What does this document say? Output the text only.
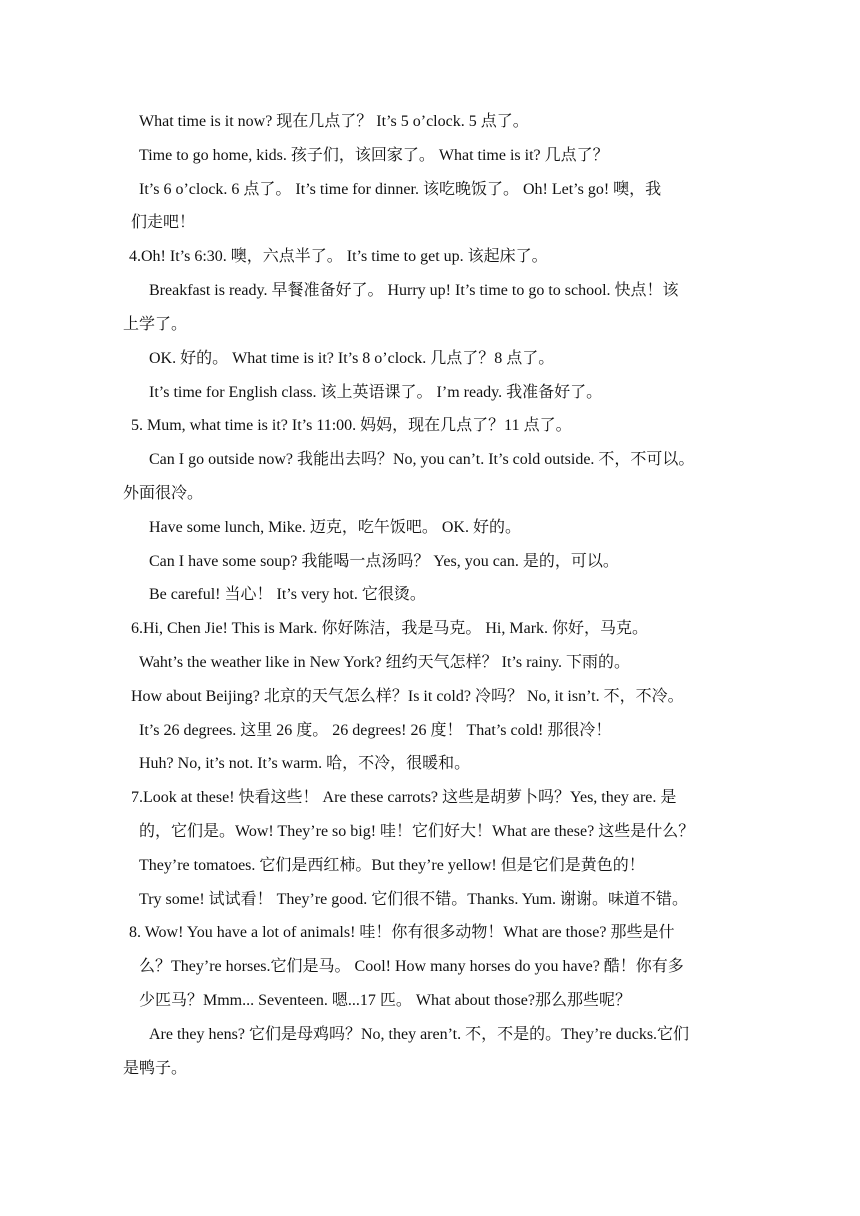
What time is it now? 现在几点了？ It’s 5 o’clock. 5 点了。
Time to go home, kids. 孩子们，该回家了。 What time is it? 几点了？
It’s 6 o’clock. 6 点了。 It’s time for dinner. 该吃晚饭了。 Oh! Let’s go! 噢，我
们走吧！
4.Oh! It’s 6:30. 噢，六点半了。 It’s time to get up. 该起床了。
Breakfast is ready. 早餐准备好了。 Hurry up! It’s time to go to school. 快点！该
上学了。
OK. 好的。 What time is it? It’s 8 o’clock. 几点了？8 点了。
It’s time for English class. 该上英语课了。 I’m ready. 我准备好了。
5. Mum, what time is it? It’s 11:00. 妈妈，现在几点了？11 点了。
Can I go outside now? 我能出去吗？No, you can’t. It’s cold outside. 不，不可以。
外面很冷。
Have some lunch, Mike. 迈克，吃午饭吧。 OK. 好的。
Can I have some soup? 我能喝一点汤吗？ Yes, you can. 是的，可以。
Be careful! 当心！ It’s very hot. 它很烫。
6.Hi, Chen Jie! This is Mark. 你好陈洁，我是马克。 Hi, Mark. 你好，马克。
Waht’s the weather like in New York? 纽约天气怎样？ It’s rainy. 下雨的。
How about Beijing? 北京的天气怎么样？Is it cold? 冷吗？ No, it isn’t. 不，不冷。
It’s 26 degrees. 这里 26 度。 26 degrees! 26 度！ That’s cold! 那很冷！
Huh? No, it’s not. It’s warm. 哈，不冷，很暖和。
7.Look at these! 快看这些！ Are these carrots? 这些是胡萝卜吗？Yes, they are. 是
的，它们是。Wow! They’re so big! 哇！它们好大！What are these? 这些是什么？
They’re tomatoes. 它们是西红柿。But they’re yellow! 但是它们是黄色的！
Try some! 试试看！ They’re good. 它们很不错。Thanks. Yum. 谢谢。味道不错。
8. Wow! You have a lot of animals! 哇！你有很多动物！What are those? 那些是什
么？They’re horses.它们是马。 Cool! How many horses do you have? 酷！你有多
少匹马？Mmm... Seventeen. 嗯...17 匹。 What about those?那么那些呢？
Are they hens? 它们是母鸡吗？No, they aren’t. 不，不是的。They’re ducks.它们
是鸭子。
